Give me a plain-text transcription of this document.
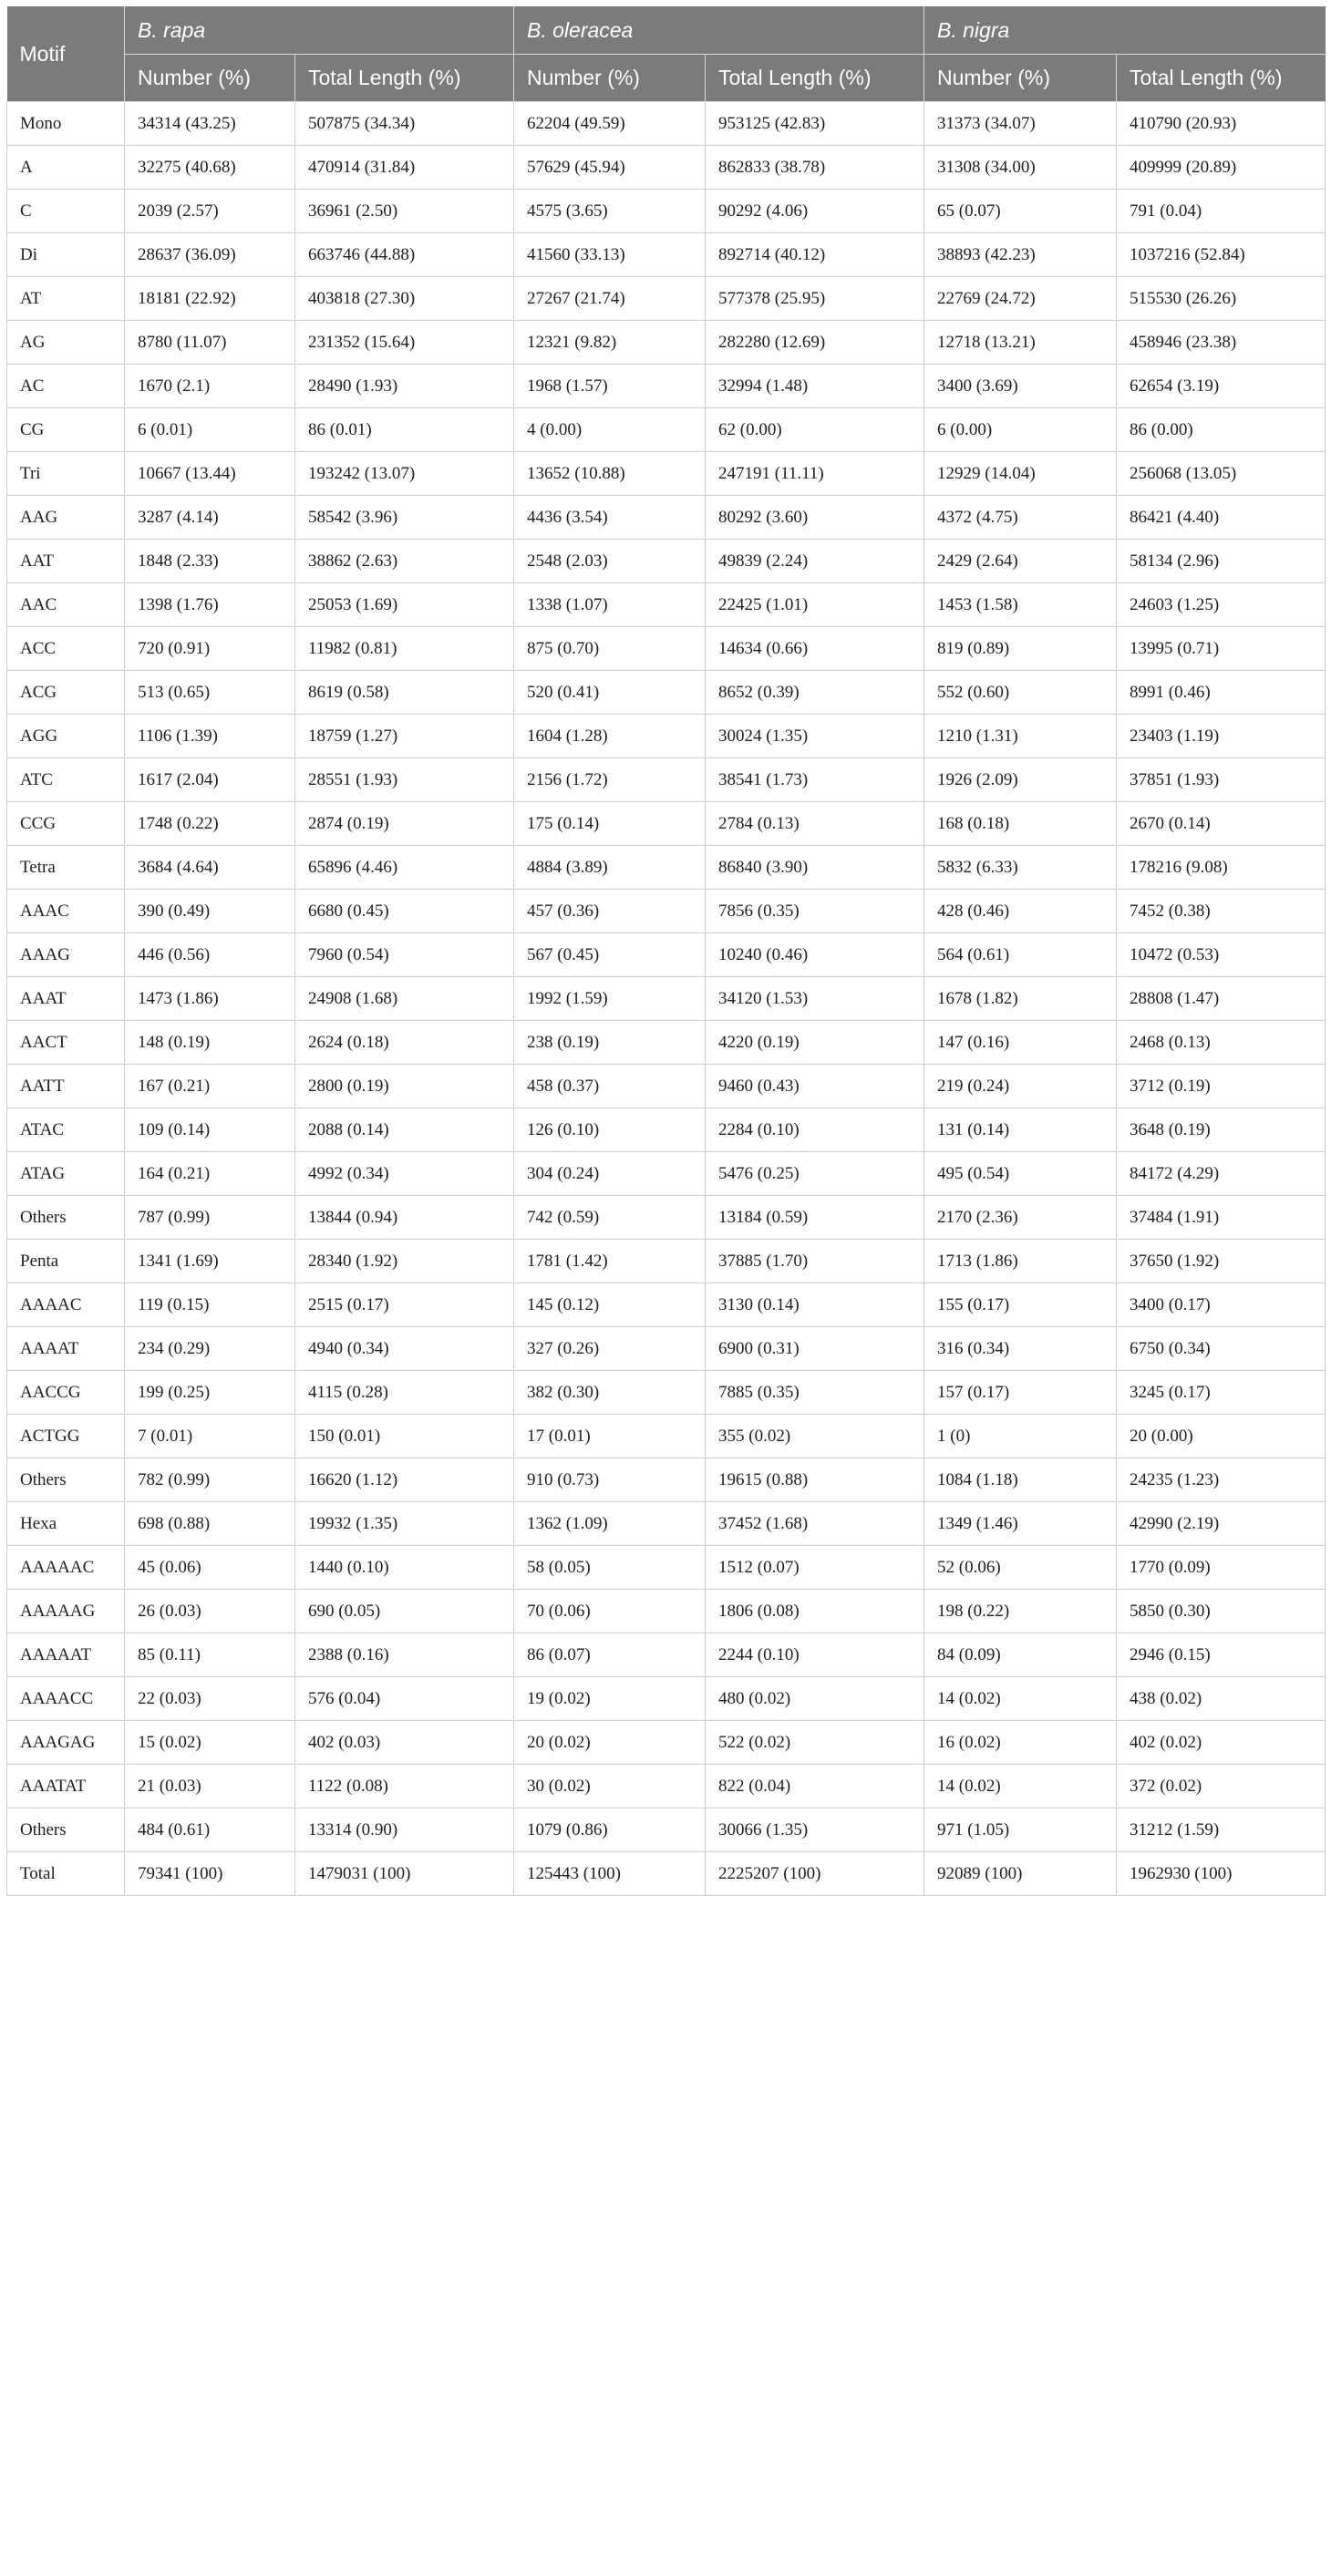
Motif	B. rapa		B. oleracea		B. nigra	
	Number (%)	Total Length (%)	Number (%)	Total Length (%)	Number (%)	Total Length (%)
Mono	34314 (43.25)	507875 (34.34)	62204 (49.59)	953125 (42.83)	31373 (34.07)	410790 (20.93)
A	32275 (40.68)	470914 (31.84)	57629 (45.94)	862833 (38.78)	31308 (34.00)	409999 (20.89)
C	2039 (2.57)	36961 (2.50)	4575 (3.65)	90292 (4.06)	65 (0.07)	791 (0.04)
Di	28637 (36.09)	663746 (44.88)	41560 (33.13)	892714 (40.12)	38893 (42.23)	1037216 (52.84)
AT	18181 (22.92)	403818 (27.30)	27267 (21.74)	577378 (25.95)	22769 (24.72)	515530 (26.26)
AG	8780 (11.07)	231352 (15.64)	12321 (9.82)	282280 (12.69)	12718 (13.21)	458946 (23.38)
AC	1670 (2.1)	28490 (1.93)	1968 (1.57)	32994 (1.48)	3400 (3.69)	62654 (3.19)
CG	6 (0.01)	86 (0.01)	4 (0.00)	62 (0.00)	6 (0.00)	86 (0.00)
Tri	10667 (13.44)	193242 (13.07)	13652 (10.88)	247191 (11.11)	12929 (14.04)	256068 (13.05)
AAG	3287 (4.14)	58542 (3.96)	4436 (3.54)	80292 (3.60)	4372 (4.75)	86421 (4.40)
AAT	1848 (2.33)	38862 (2.63)	2548 (2.03)	49839 (2.24)	2429 (2.64)	58134 (2.96)
AAC	1398 (1.76)	25053 (1.69)	1338 (1.07)	22425 (1.01)	1453 (1.58)	24603 (1.25)
ACC	720 (0.91)	11982 (0.81)	875 (0.70)	14634 (0.66)	819 (0.89)	13995 (0.71)
ACG	513 (0.65)	8619 (0.58)	520 (0.41)	8652 (0.39)	552 (0.60)	8991 (0.46)
AGG	1106 (1.39)	18759 (1.27)	1604 (1.28)	30024 (1.35)	1210 (1.31)	23403 (1.19)
ATC	1617 (2.04)	28551 (1.93)	2156 (1.72)	38541 (1.73)	1926 (2.09)	37851 (1.93)
CCG	1748 (0.22)	2874 (0.19)	175 (0.14)	2784 (0.13)	168 (0.18)	2670 (0.14)
Tetra	3684 (4.64)	65896 (4.46)	4884 (3.89)	86840 (3.90)	5832 (6.33)	178216 (9.08)
AAAC	390 (0.49)	6680 (0.45)	457 (0.36)	7856 (0.35)	428 (0.46)	7452 (0.38)
AAAG	446 (0.56)	7960 (0.54)	567 (0.45)	10240 (0.46)	564 (0.61)	10472 (0.53)
AAAT	1473 (1.86)	24908 (1.68)	1992 (1.59)	34120 (1.53)	1678 (1.82)	28808 (1.47)
AACT	148 (0.19)	2624 (0.18)	238 (0.19)	4220 (0.19)	147 (0.16)	2468 (0.13)
AATT	167 (0.21)	2800 (0.19)	458 (0.37)	9460 (0.43)	219 (0.24)	3712 (0.19)
ATAC	109 (0.14)	2088 (0.14)	126 (0.10)	2284 (0.10)	131 (0.14)	3648 (0.19)
ATAG	164 (0.21)	4992 (0.34)	304 (0.24)	5476 (0.25)	495 (0.54)	84172 (4.29)
Others	787 (0.99)	13844 (0.94)	742 (0.59)	13184 (0.59)	2170 (2.36)	37484 (1.91)
Penta	1341 (1.69)	28340 (1.92)	1781 (1.42)	37885 (1.70)	1713 (1.86)	37650 (1.92)
AAAAC	119 (0.15)	2515 (0.17)	145 (0.12)	3130 (0.14)	155 (0.17)	3400 (0.17)
AAAAT	234 (0.29)	4940 (0.34)	327 (0.26)	6900 (0.31)	316 (0.34)	6750 (0.34)
AACCG	199 (0.25)	4115 (0.28)	382 (0.30)	7885 (0.35)	157 (0.17)	3245 (0.17)
ACTGG	7 (0.01)	150 (0.01)	17 (0.01)	355 (0.02)	1 (0)	20 (0.00)
Others	782 (0.99)	16620 (1.12)	910 (0.73)	19615 (0.88)	1084 (1.18)	24235 (1.23)
Hexa	698 (0.88)	19932 (1.35)	1362 (1.09)	37452 (1.68)	1349 (1.46)	42990 (2.19)
AAAAAC	45 (0.06)	1440 (0.10)	58 (0.05)	1512 (0.07)	52 (0.06)	1770 (0.09)
AAAAAG	26 (0.03)	690 (0.05)	70 (0.06)	1806 (0.08)	198 (0.22)	5850 (0.30)
AAAAAT	85 (0.11)	2388 (0.16)	86 (0.07)	2244 (0.10)	84 (0.09)	2946 (0.15)
AAAACC	22 (0.03)	576 (0.04)	19 (0.02)	480 (0.02)	14 (0.02)	438 (0.02)
AAAGAG	15 (0.02)	402 (0.03)	20 (0.02)	522 (0.02)	16 (0.02)	402 (0.02)
AAATAT	21 (0.03)	1122 (0.08)	30 (0.02)	822 (0.04)	14 (0.02)	372 (0.02)
Others	484 (0.61)	13314 (0.90)	1079 (0.86)	30066 (1.35)	971 (1.05)	31212 (1.59)
Total	79341 (100)	1479031 (100)	125443 (100)	2225207 (100)	92089 (100)	1962930 (100)
